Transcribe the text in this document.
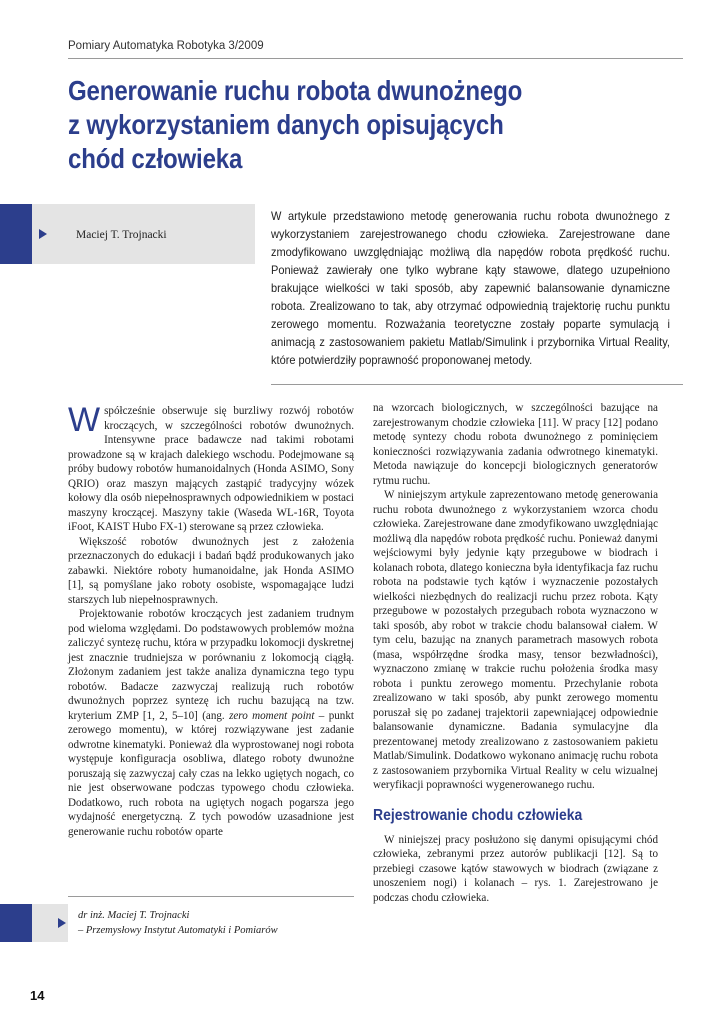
Pomiary Automatyka Robotyka 3/2009
Generowanie ruchu robota dwunożnego
z wykorzystaniem danych opisujących
chód człowieka
Maciej T. Trojnacki
W artykule przedstawiono metodę generowania ruchu robota dwunożnego z wykorzystaniem zarejestrowanego chodu człowieka. Zarejestrowane dane zmodyfikowano uwzględniając możliwą dla napędów robota prędkość ruchu. Ponieważ zawierały one tylko wybrane kąty stawowe, dlatego uzupełniono brakujące wielkości w taki sposób, aby zapewnić balansowanie dynamiczne robota. Zrealizowano to tak, aby otrzymać odpowiednią trajektorię ruchu punktu zerowego momentu. Rozważania teoretyczne zostały poparte symulacją i animacją z zastosowaniem pakietu Matlab/Simulink i przybornika Virtual Reality, które potwierdziły poprawność proponowanej metody.

Współcześnie obserwuje się burzliwy rozwój robotów kroczących, w szczególności robotów dwunożnych. Intensywne prace badawcze nad takimi robotami prowadzone są w krajach dalekiego wschodu. Podejmowane są próby budowy robotów humanoidalnych (Honda ASIMO, Sony QRIO) oraz maszyn mających zastąpić tradycyjny wózek kołowy dla osób niepełnosprawnych odpowiednikiem w postaci maszyny kroczącej. Maszyny takie (Waseda WL-16R, Toyota iFoot, KAIST Hubo FX-1) sterowane są przez człowieka.

Większość robotów dwunożnych jest z założenia przeznaczonych do edukacji i badań bądź produkowanych jako zabawki. Niektóre roboty humanoidalne, jak Honda ASIMO [1], są pomyślane jako roboty osobiste, wspomagające ludzi starszych lub niepełnosprawnych.

Projektowanie robotów kroczących jest zadaniem trudnym pod wieloma względami. Do podstawowych problemów można zaliczyć syntezę ruchu, która w przypadku lokomocji dyskretnej jest znacznie trudniejsza w porównaniu z lokomocją ciągłą. Złożonym zadaniem jest także analiza dynamiczna tego typu robotów. Badacze zazwyczaj realizują ruch robotów dwunożnych poprzez syntezę ich ruchu bazującą na tzw. kryterium ZMP [1, 2, 5–10] (ang. zero moment point – punkt zerowego momentu), w której rozwiązywane jest zadanie odwrotne kinematyki. Ponieważ dla wyprostowanej nogi robota występuje konfiguracja osobliwa, dlatego roboty dwunożne poruszają się zazwyczaj cały czas na lekko ugiętych nogach, co nie jest obserwowane podczas typowego chodu człowieka. Dodatkowo, ruch robota na ugiętych nogach pogarsza jego wydajność energetyczną. Z tych powodów uzasadnione jest generowanie ruchu robotów oparte

na wzorcach biologicznych, w szczególności bazujące na zarejestrowanym chodzie człowieka [11]. W pracy [12] podano metodę syntezy chodu robota dwunożnego z pominięciem konieczności rozwiązywania zadania odwrotnego kinematyki. Metoda nawiązuje do koncepcji biologicznych generatorów rytmu ruchu.

W niniejszym artykule zaprezentowano metodę generowania ruchu robota dwunożnego z wykorzystaniem wzorca chodu człowieka. Zarejestrowane dane zmodyfikowano uwzględniając możliwą dla napędów robota prędkość ruchu. Ponieważ danymi wejściowymi były jedynie kąty przegubowe w biodrach i kolanach robota, dlatego konieczna była identyfikacja faz ruchu robota na podstawie tych kątów i wyznaczenie pozostałych wielkości niezbędnych do realizacji ruchu przez robota. Kąty przegubowe w pozostałych przegubach robota wyznaczono w taki sposób, aby robot w trakcie chodu balansował ciałem. W tym celu, bazując na znanych parametrach masowych robota (masa, współrzędne środka masy, tensor bezwładności), wyznaczono zmianę w trakcie ruchu położenia środka masy robota i punktu zerowego momentu. Przechylanie robota zrealizowano w taki sposób, aby punkt zerowego momentu poruszał się po zadanej trajektorii zapewniającej odpowiednie balansowanie dynamiczne. Badania symulacyjne dla prezentowanej metody zrealizowano z zastosowaniem pakietu Matlab/Simulink. Dodatkowo wykonano animację ruchu robota z zastosowaniem przybornika Virtual Reality w celu wizualnej weryfikacji poprawności wygenerowanego ruchu.

Rejestrowanie chodu człowieka

W niniejszej pracy posłużono się danymi opisującymi chód człowieka, zebranymi przez autorów publikacji [12]. Są to przebiegi czasowe kątów stawowych w biodrach (związane z unoszeniem nogi) i kolanach – rys. 1. Zarejestrowano je podczas chodu człowieka.

dr inż. Maciej T. Trojnacki
– Przemysłowy Instytut Automatyki i Pomiarów
14
